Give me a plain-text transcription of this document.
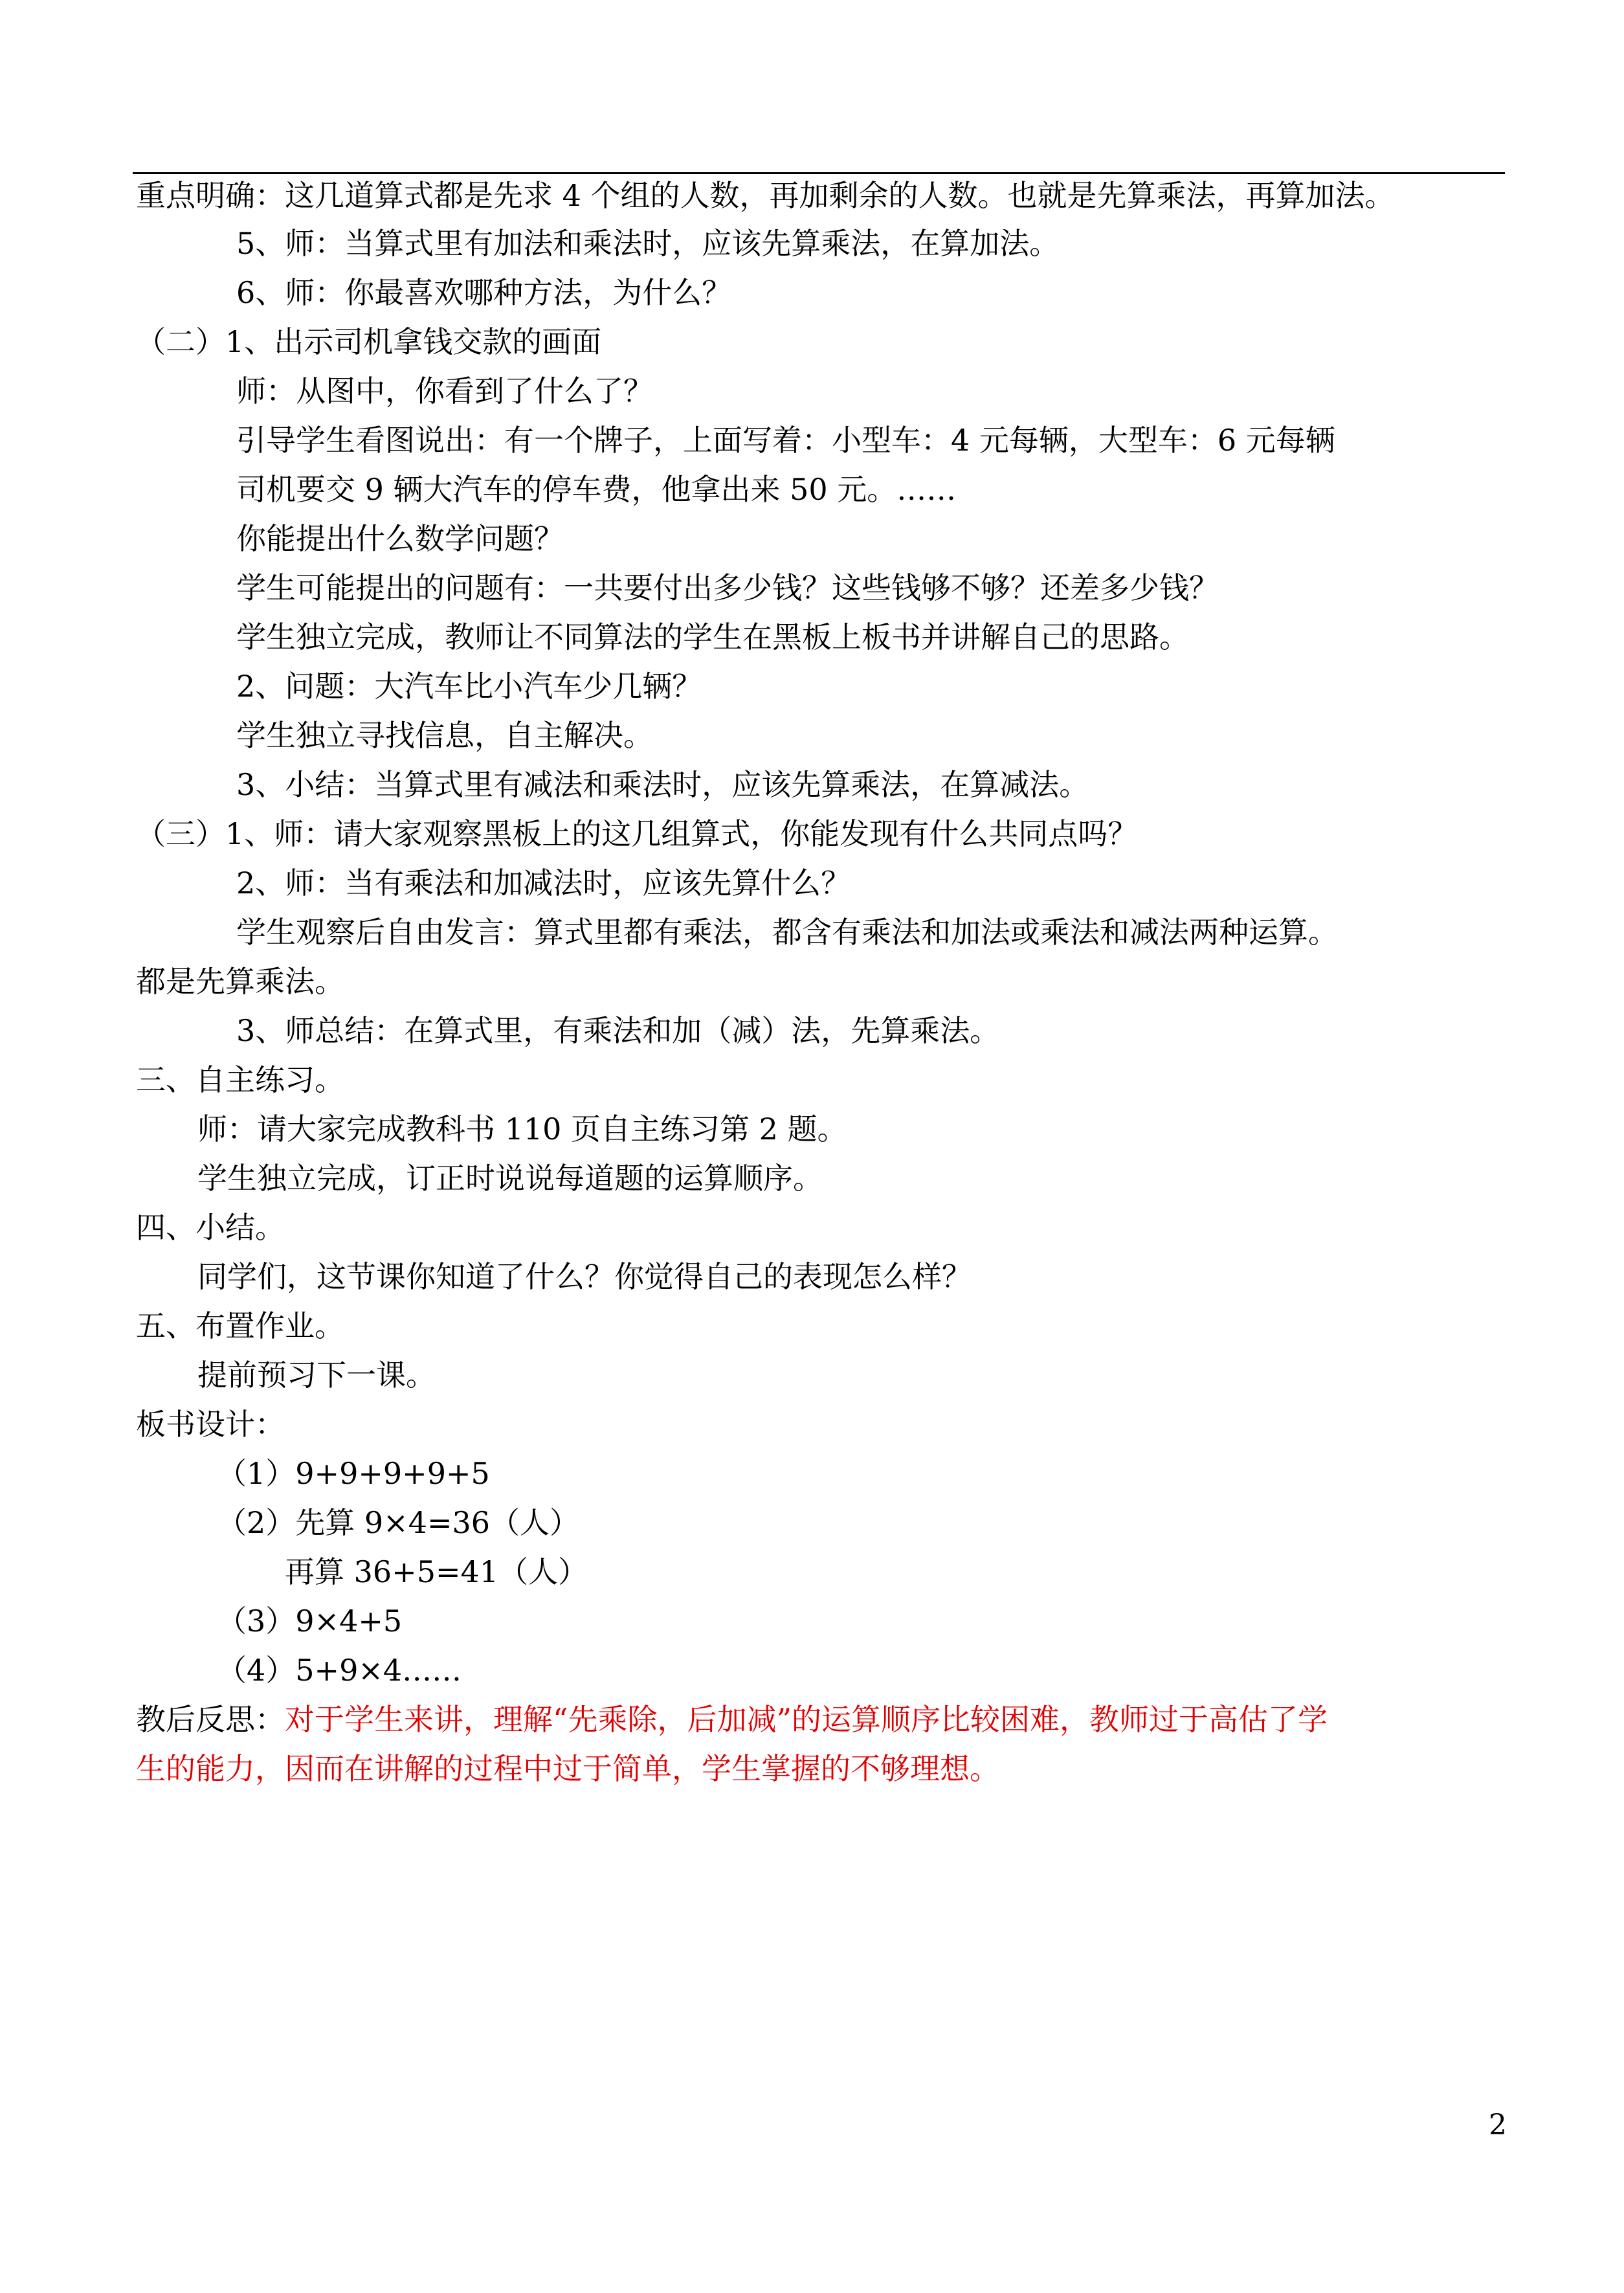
重点明确：这几道算式都是先求 4 个组的人数，再加剩余的人数。也就是先算乘法，再算加法。
5、师：当算式里有加法和乘法时，应该先算乘法，在算加法。
6、师：你最喜欢哪种方法，为什么？
（二）1、出示司机拿钱交款的画面
师：从图中，你看到了什么了？
引导学生看图说出：有一个牌子，上面写着：小型车：4 元每辆，大型车：6 元每辆
司机要交 9 辆大汽车的停车费，他拿出来 50 元。……
你能提出什么数学问题？
学生可能提出的问题有：一共要付出多少钱？这些钱够不够？还差多少钱？
学生独立完成，教师让不同算法的学生在黑板上板书并讲解自己的思路。
2、问题：大汽车比小汽车少几辆？
学生独立寻找信息，自主解决。
3、小结：当算式里有减法和乘法时，应该先算乘法，在算减法。
（三）1、师：请大家观察黑板上的这几组算式，你能发现有什么共同点吗？
2、师：当有乘法和加减法时，应该先算什么？
学生观察后自由发言：算式里都有乘法，都含有乘法和加法或乘法和减法两种运算。
都是先算乘法。
3、师总结：在算式里，有乘法和加（减）法，先算乘法。
三、自主练习。
师：请大家完成教科书 110 页自主练习第 2 题。
学生独立完成，订正时说说每道题的运算顺序。
四、小结。
同学们，这节课你知道了什么？你觉得自己的表现怎么样？
五、布置作业。
提前预习下一课。
板书设计：
（1）9+9+9+9+5
（2）先算 9×4=36（人）
再算 36+5=41（人）
（3）9×4+5
（4）5+9×4……
教后反思：对于学生来讲，理解“先乘除，后加减”的运算顺序比较困难，教师过于高估了学
生的能力，因而在讲解的过程中过于简单，学生掌握的不够理想。
2
